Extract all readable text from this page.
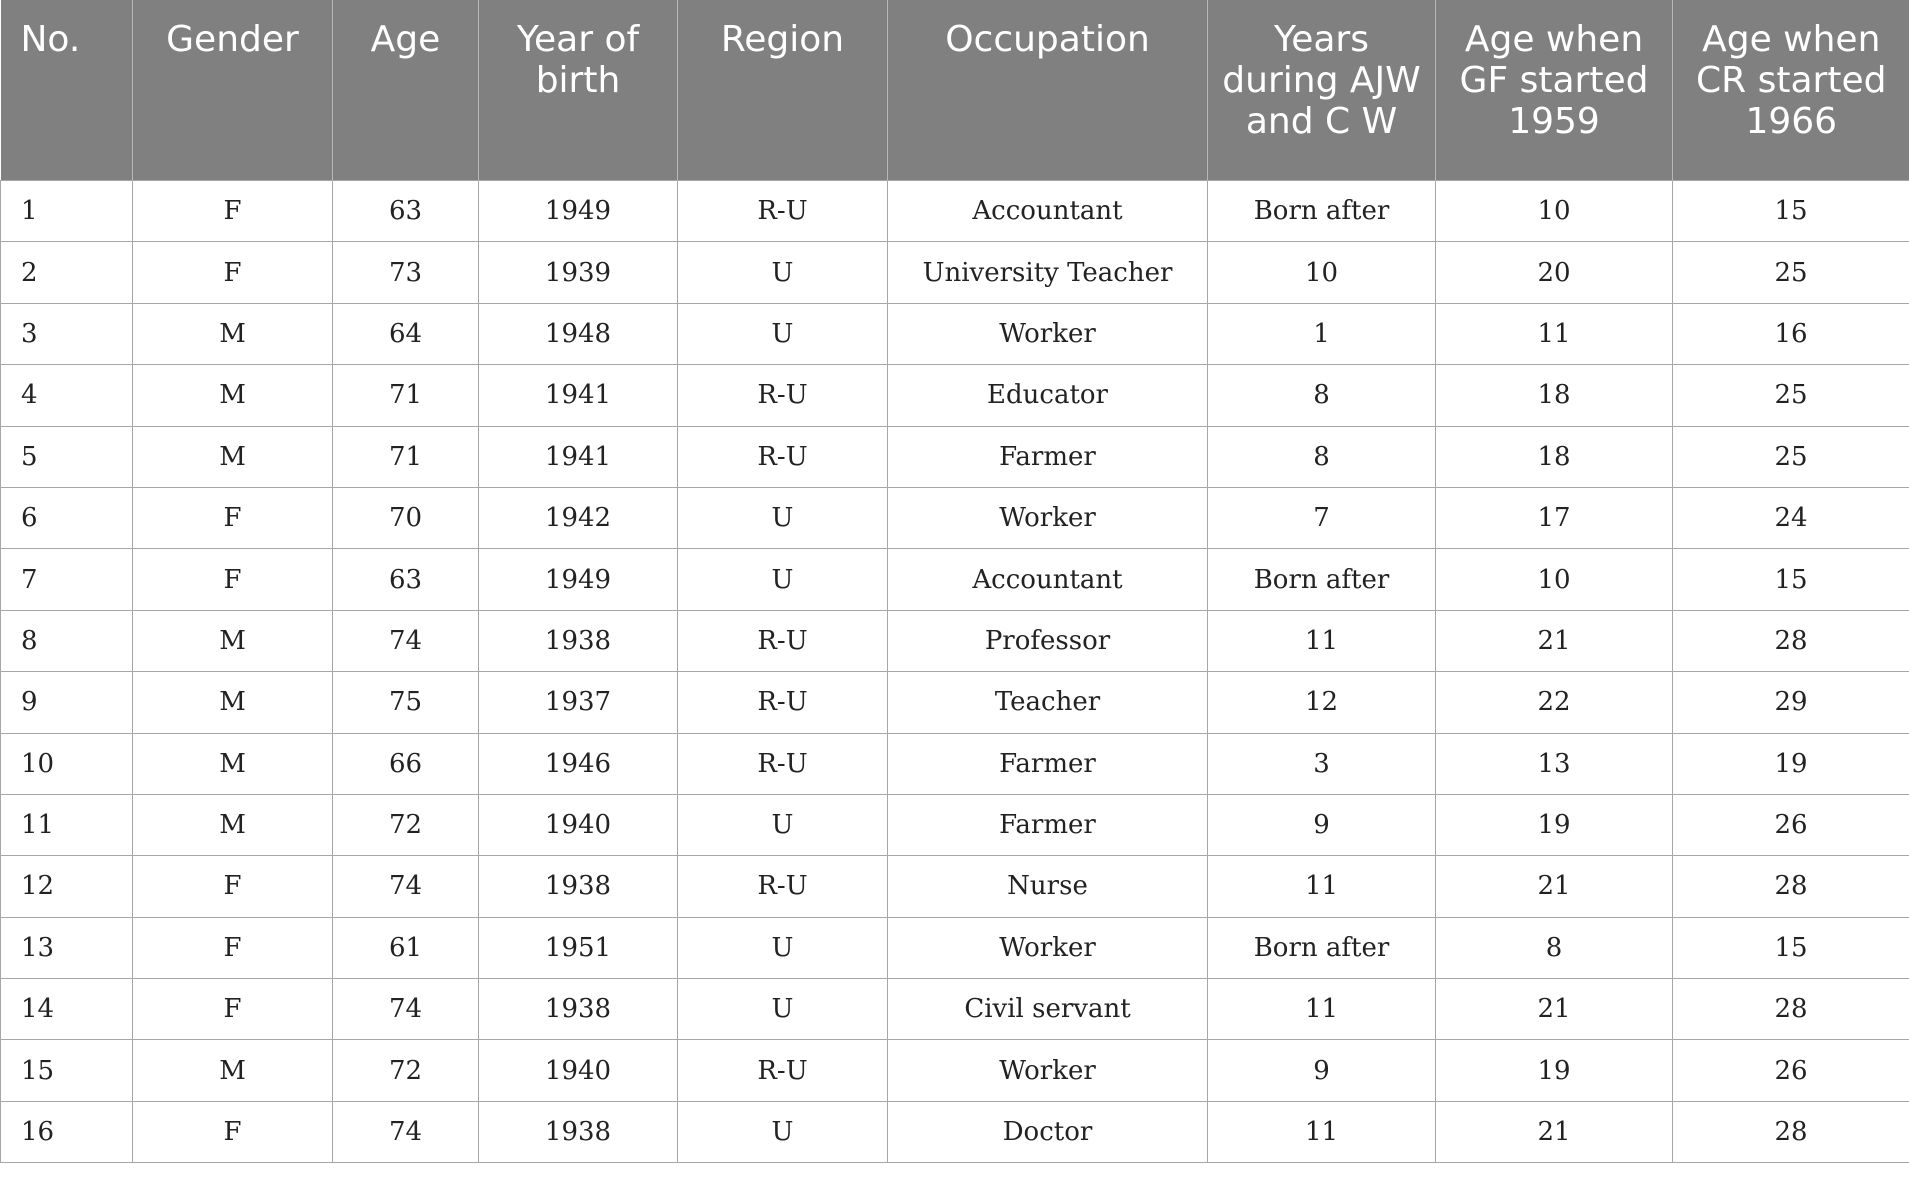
No.	Gender	Age	Year of birth	Region	Occupation	Years during AJW and C W	Age when GF started 1959	Age when CR started 1966
1	F	63	1949	R-U	Accountant	Born after	10	15
2	F	73	1939	U	University Teacher	10	20	25
3	M	64	1948	U	Worker	1	11	16
4	M	71	1941	R-U	Educator	8	18	25
5	M	71	1941	R-U	Farmer	8	18	25
6	F	70	1942	U	Worker	7	17	24
7	F	63	1949	U	Accountant	Born after	10	15
8	M	74	1938	R-U	Professor	11	21	28
9	M	75	1937	R-U	Teacher	12	22	29
10	M	66	1946	R-U	Farmer	3	13	19
11	M	72	1940	U	Farmer	9	19	26
12	F	74	1938	R-U	Nurse	11	21	28
13	F	61	1951	U	Worker	Born after	8	15
14	F	74	1938	U	Civil servant	11	21	28
15	M	72	1940	R-U	Worker	9	19	26
16	F	74	1938	U	Doctor	11	21	28
